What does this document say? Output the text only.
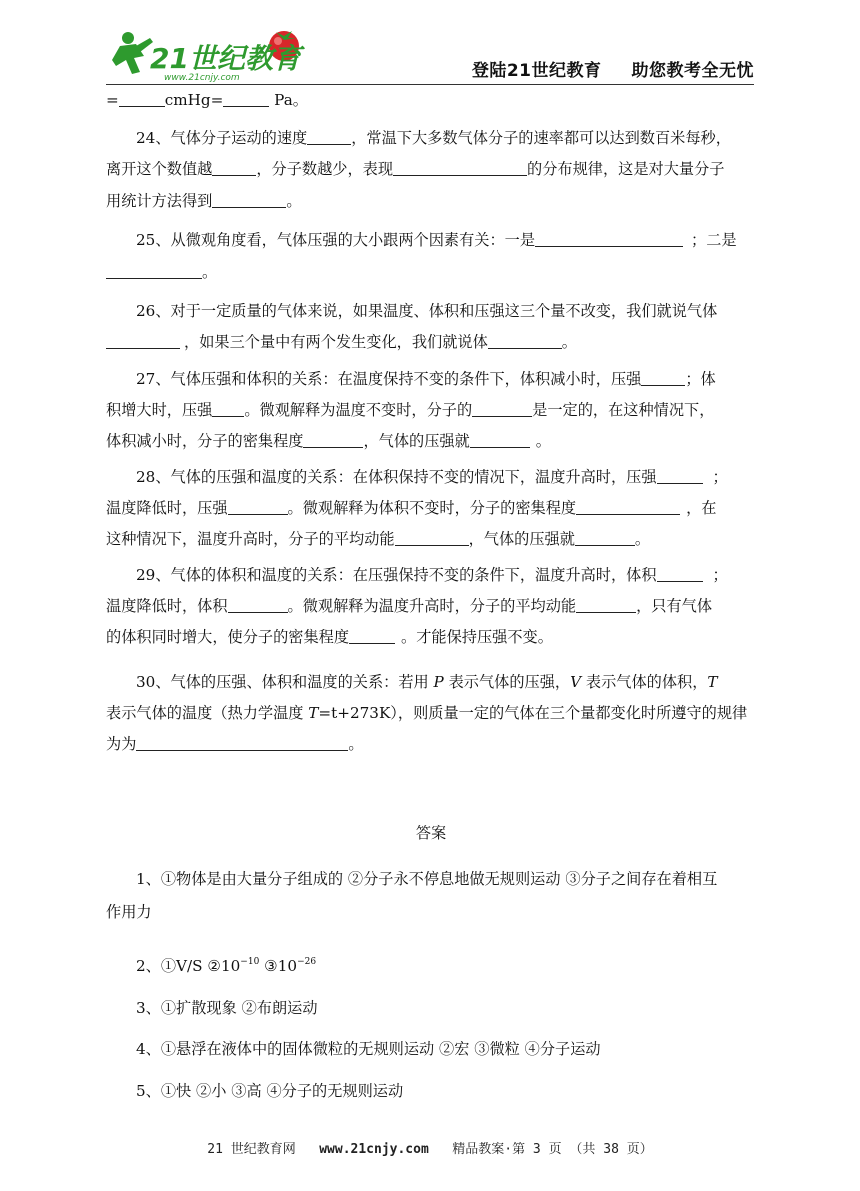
21世纪教育
www.21cnjy.com	登陆21世纪教育 助您教考全无忧
=	cmHg=	Pa。
24、气体分子运动的速度	，常温下大多数气体分子的速率都可以达到数百米每秒，
离开这个数值越	，分子数越少，表现	的分布规律，这是对大量分子
用统计方法得到	。
25、从微观角度看，气体压强的大小跟两个因素有关：一是	；二是
。
26、对于一定质量的气体来说，如果温度、体积和压强这三个量不改变，我们就说气体
，如果三个量中有两个发生变化，我们就说体	。
27、气体压强和体积的关系：在温度保持不变的条件下，体积减小时，压强	；体
积增大时，压强 。微观解释为温度不变时，分子的	是一定的，在这种情况下，
体积减小时，分子的密集程度	，气体的压强就	。
28、气体的压强和温度的关系：在体积保持不变的情况下，温度升高时，压强	；
温度降低时，压强	。微观解释为体积不变时，分子的密集程度	，在
这种情况下，温度升高时，分子的平均动能	，气体的压强就	。
29、气体的体积和温度的关系：在压强保持不变的条件下，温度升高时，体积	；
温度降低时，体积	。微观解释为温度升高时，分子的平均动能	，只有气体
的体积同时增大，使分子的密集程度	。才能保持压强不变。
30、气体的压强、体积和温度的关系：若用 P 表示气体的压强，V 表示气体的体积，T
表示气体的温度（热力学温度 T=t+273K），则质量一定的气体在三个量都变化时所遵守的规律
为为	。
答案
1、①物体是由大量分子组成的 ②分子永不停息地做无规则运动 ③分子之间存在着相互
作用力
2、①V/S $②10^{-10}$ $③10^{-26}$
3、①扩散现象 ②布朗运动
4、①悬浮在液体中的固体微粒的无规则运动 ②宏 ③微粒 ④分子运动
5、①快 ②小 ③高 ④分子的无规则运动
21 世纪教育网 www.21cnjy.com 精品教案·第 3 页 （共 38 页）
